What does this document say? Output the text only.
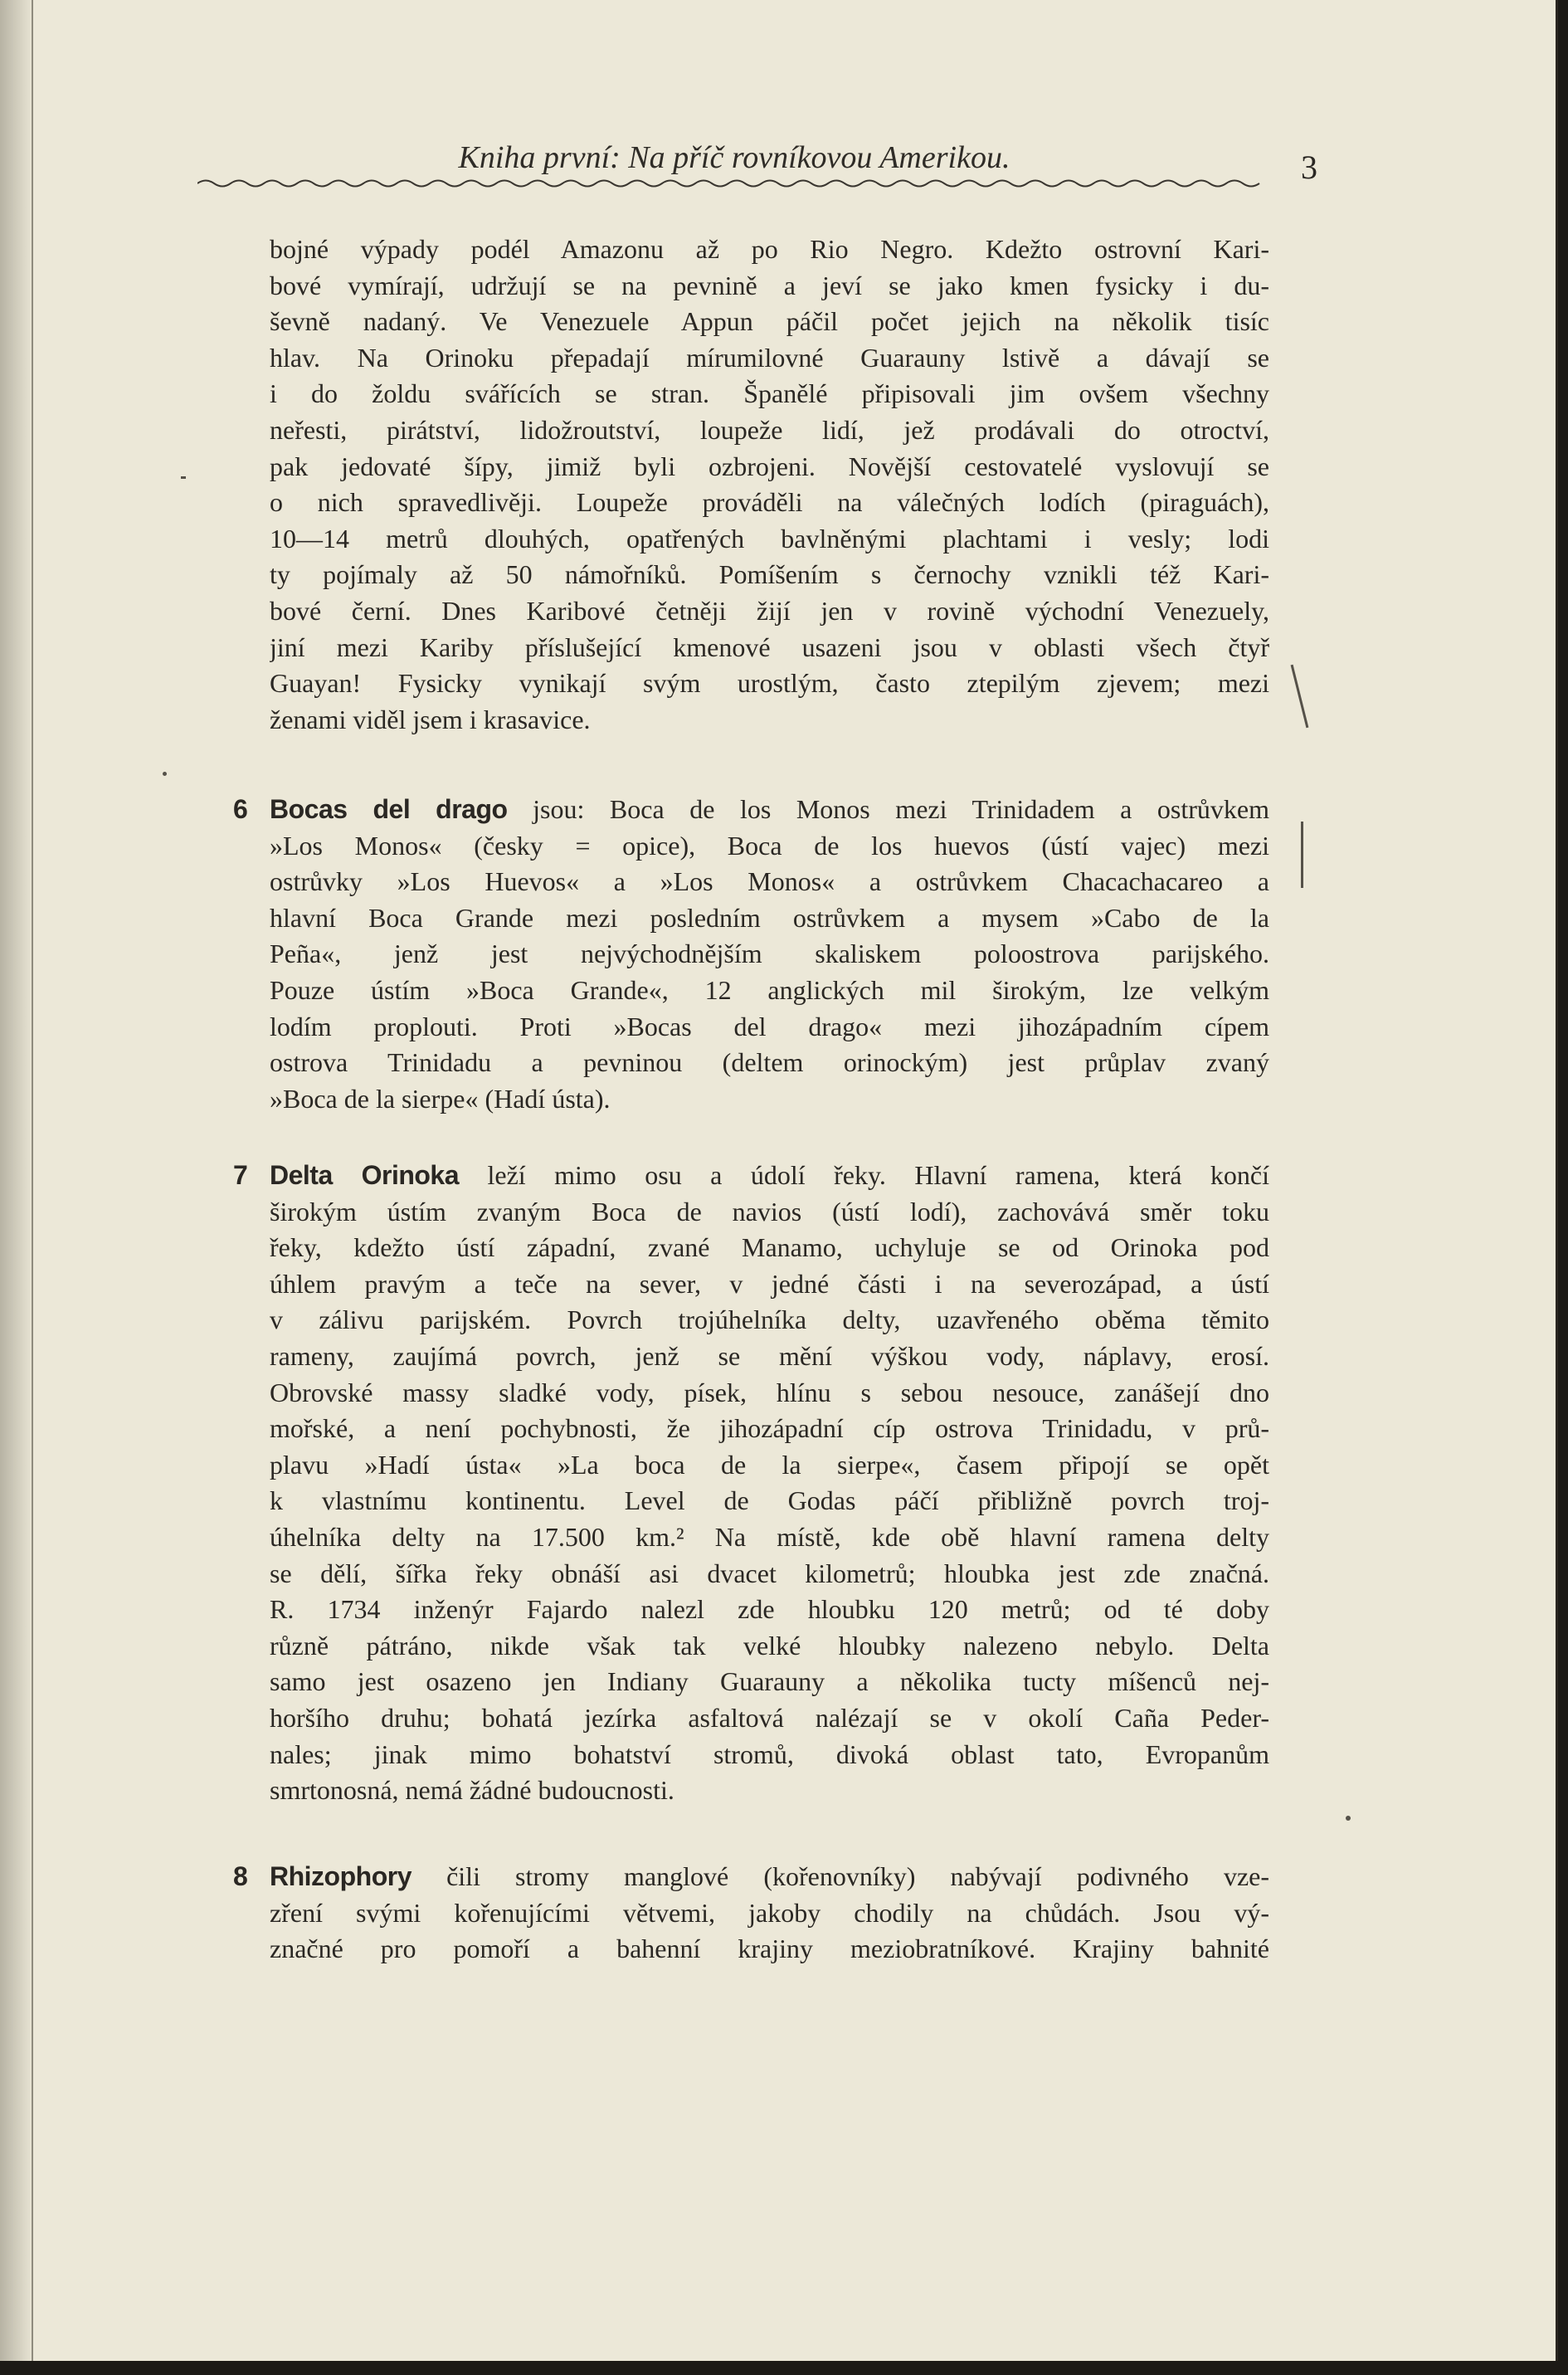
Kniha první: Na příč rovníkovou Amerikou.	3
bojné výpady podél Amazonu až po Rio Negro. Kdežto ostrovní Kari-
bové vymírají, udržují se na pevnině a jeví se jako kmen fysicky i du-
ševně nadaný. Ve Venezuele Appun páčil počet jejich na několik tisíc
hlav. Na Orinoku přepadají mírumilovné Guarauny lstivě a dávají se
i do žoldu svářících se stran. Španělé připisovali jim ovšem všechny
neřesti, pirátství, lidožroutství, loupeže lidí, jež prodávali do otroctví,
pak jedovaté šípy, jimiž byli ozbrojeni. Novější cestovatelé vyslovují se
o nich spravedlivěji. Loupeže prováděli na válečných lodích (piraguách),
10—14 metrů dlouhých, opatřených bavlněnými plachtami i vesly; lodi
ty pojímaly až 50 námořníků. Pomíšením s černochy vznikli též Kari-
bové černí. Dnes Karibové četněji žijí jen v rovině východní Venezuely,
jiní mezi Kariby příslušející kmenové usazeni jsou v oblasti všech čtyř
Guayan! Fysicky vynikají svým urostlým, často ztepilým zjevem; mezi
ženami viděl jsem i krasavice.
6 Bocas del drago jsou: Boca de los Monos mezi Trinidadem a ostrůvkem
»Los Monos« (česky = opice), Boca de los huevos (ústí vajec) mezi
ostrůvky »Los Huevos« a »Los Monos« a ostrůvkem Chacachacareo a
hlavní Boca Grande mezi posledním ostrůvkem a mysem »Cabo de la
Peña«, jenž jest nejvýchodnějším skaliskem poloostrova parijského.
Pouze ústím »Boca Grande«, 12 anglických mil širokým, lze velkým
lodím proplouti. Proti »Bocas del drago« mezi jihozápadním cípem
ostrova Trinidadu a pevninou (deltem orinockým) jest průplav zvaný
»Boca de la sierpe« (Hadí ústa).
7 Delta Orinoka leží mimo osu a údolí řeky. Hlavní ramena, která končí
širokým ústím zvaným Boca de navios (ústí lodí), zachovává směr toku
řeky, kdežto ústí západní, zvané Manamo, uchyluje se od Orinoka pod
úhlem pravým a teče na sever, v jedné části i na severozápad, a ústí
v zálivu parijském. Povrch trojúhelníka delty, uzavřeného oběma těmito
rameny, zaujímá povrch, jenž se mění výškou vody, náplavy, erosí.
Obrovské massy sladké vody, písek, hlínu s sebou nesouce, zanášejí dno
mořské, a není pochybnosti, že jihozápadní cíp ostrova Trinidadu, v prů-
plavu »Hadí ústa« »La boca de la sierpe«, časem připojí se opět
k vlastnímu kontinentu. Level de Godas páčí přibližně povrch troj-
úhelníka delty na 17.500 km.² Na místě, kde obě hlavní ramena delty
se dělí, šířka řeky obnáší asi dvacet kilometrů; hloubka jest zde značná.
R. 1734 inženýr Fajardo nalezl zde hloubku 120 metrů; od té doby
různě pátráno, nikde však tak velké hloubky nalezeno nebylo. Delta
samo jest osazeno jen Indiany Guarauny a několika tucty míšenců nej-
horšího druhu; bohatá jezírka asfaltová nalézají se v okolí Caña Peder-
nales; jinak mimo bohatství stromů, divoká oblast tato, Evropanům
smrtonosná, nemá žádné budoucnosti.
8 Rhizophory čili stromy manglové (kořenovníky) nabývají podivného vze-
zření svými kořenujícími větvemi, jakoby chodily na chůdách. Jsou vý-
značné pro pomoří a bahenní krajiny meziobratníkové. Krajiny bahnité
